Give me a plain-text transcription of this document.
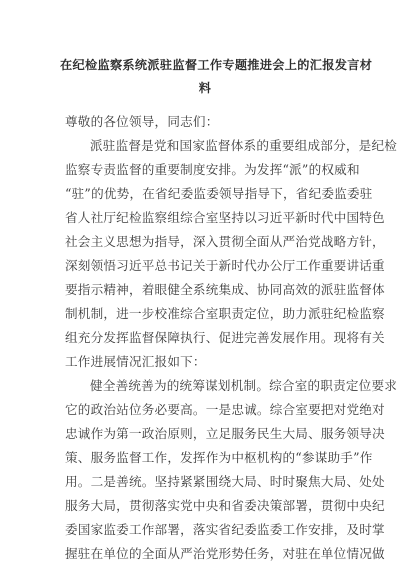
在纪检监察系统派驻监督工作专题推进会上的汇报发言材
料
尊敬的各位领导，同志们：
派驻监督是党和国家监督体系的重要组成部分，是纪检
监察专责监督的重要制度安排。为发挥“派”的权威和
“驻”的优势，在省纪委监委领导指导下，省纪委监委驻
省人社厅纪检监察组综合室坚持以习近平新时代中国特色
社会主义思想为指导，深入贯彻全面从严治党战略方针，
深刻领悟习近平总书记关于新时代办公厅工作重要讲话重
要指示精神，着眼健全系统集成、协同高效的派驻监督体
制机制，进一步校准综合室职责定位，助力派驻纪检监察
组充分发挥监督保障执行、促进完善发展作用。现将有关
工作进展情况汇报如下：
健全善统善为的统筹谋划机制。综合室的职责定位要求
它的政治站位务必要高。一是忠诚。综合室要把对党绝对
忠诚作为第一政治原则，立足服务民生大局、服务领导决
策、服务监督工作，发挥作为中枢机构的“参谋助手”作
用。二是善统。坚持紧紧围绕大局、时时聚焦大局、处处
服务大局，贯彻落实党中央和省委决策部署，贯彻中央纪
委国家监委工作部署，落实省纪委监委工作安排，及时掌
握驻在单位的全面从严治党形势任务，对驻在单位情况做
